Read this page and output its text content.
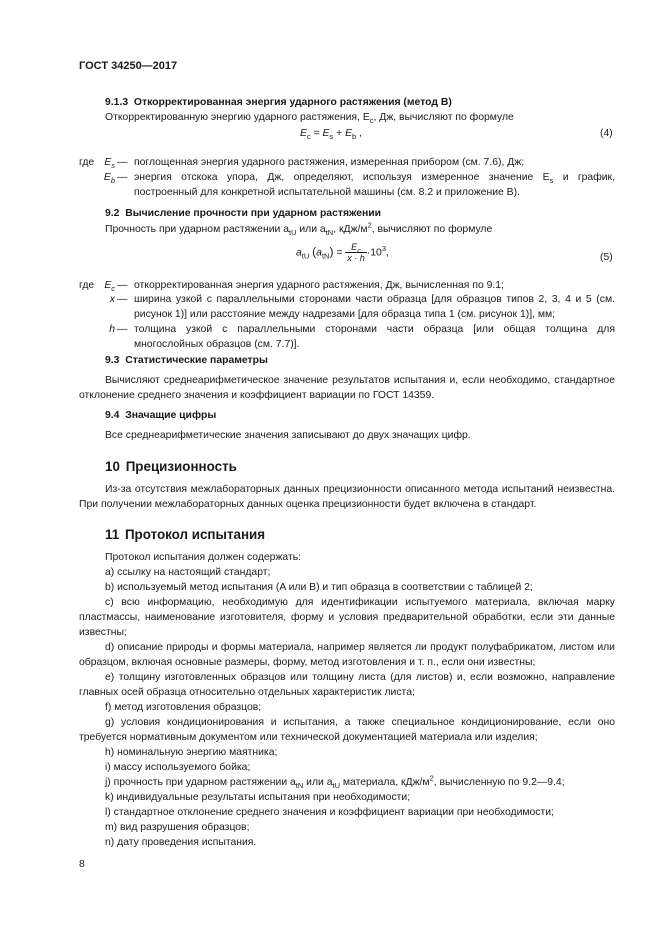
ГОСТ 34250—2017
9.1.3 Откорректированная энергия ударного растяжения (метод B)
Откорректированную энергию ударного растяжения, $E_c$, Дж, вычисляют по формуле
$E_c = E_s + E_b$ ,	(4)
где $E_s$ — поглощенная энергия ударного растяжения, измеренная прибором (см. 7.6), Дж;
$E_b$ — энергия отскока упора, Дж, определяют, используя измеренное значение $E_s$ и график, построенный для конкретной испытательной машины (см. 8.2 и приложение В).
9.2 Вычисление прочности при ударном растяжении
Прочность при ударном растяжении $a_{tU}$ или $a_{tN}$, кДж/$м^2$, вычисляют по формуле
$a_{tU}$ $(a_{tN}) = \frac{E_c}{x \cdot h} \cdot 10^3$,	(5)
где $E_c$ — откорректированная энергия ударного растяжения, Дж, вычисленная по 9.1;
x — ширина узкой с параллельными сторонами части образца [для образцов типов 2, 3, 4 и 5 (см. рисунок 1)] или расстояние между надрезами [для образца типа 1 (см. рисунок 1)], мм;
h — толщина узкой с параллельными сторонами части образца [или общая толщина для многослойных образцов (см. 7.7)].
9.3 Статистические параметры
Вычисляют среднеарифметическое значение результатов испытания и, если необходимо, стандартное отклонение среднего значения и коэффициент вариации по ГОСТ 14359.
9.4 Значащие цифры
Все среднеарифметические значения записывают до двух значащих цифр.
10 Прецизионность
Из-за отсутствия межлабораторных данных прецизионности описанного метода испытаний неизвестна. При получении межлабораторных данных оценка прецизионности будет включена в стандарт.
11 Протокол испытания
Протокол испытания должен содержать:
a) ссылку на настоящий стандарт;
b) используемый метод испытания (A или B) и тип образца в соответствии с таблицей 2;
c) всю информацию, необходимую для идентификации испытуемого материала, включая марку пластмассы, наименование изготовителя, форму и условия предварительной обработки, если эти данные известны;
d) описание природы и формы материала, например является ли продукт полуфабрикатом, листом или образцом, включая основные размеры, форму, метод изготовления и т. п., если они известны;
e) толщину изготовленных образцов или толщину листа (для листов) и, если возможно, направление главных осей образца относительно отдельных характеристик листа;
f) метод изготовления образцов;
g) условия кондиционирования и испытания, а также специальное кондиционирование, если оно требуется нормативным документом или технической документацией материала или изделия;
h) номинальную энергию маятника;
i) массу используемого бойка;
j) прочность при ударном растяжении $a_{tN}$ или $a_{tU}$ материала, кДж/$м^2$, вычисленную по 9.2—9.4;
k) индивидуальные результаты испытания при необходимости;
l) стандартное отклонение среднего значения и коэффициент вариации при необходимости;
m) вид разрушения образцов;
n) дату проведения испытания.
8
